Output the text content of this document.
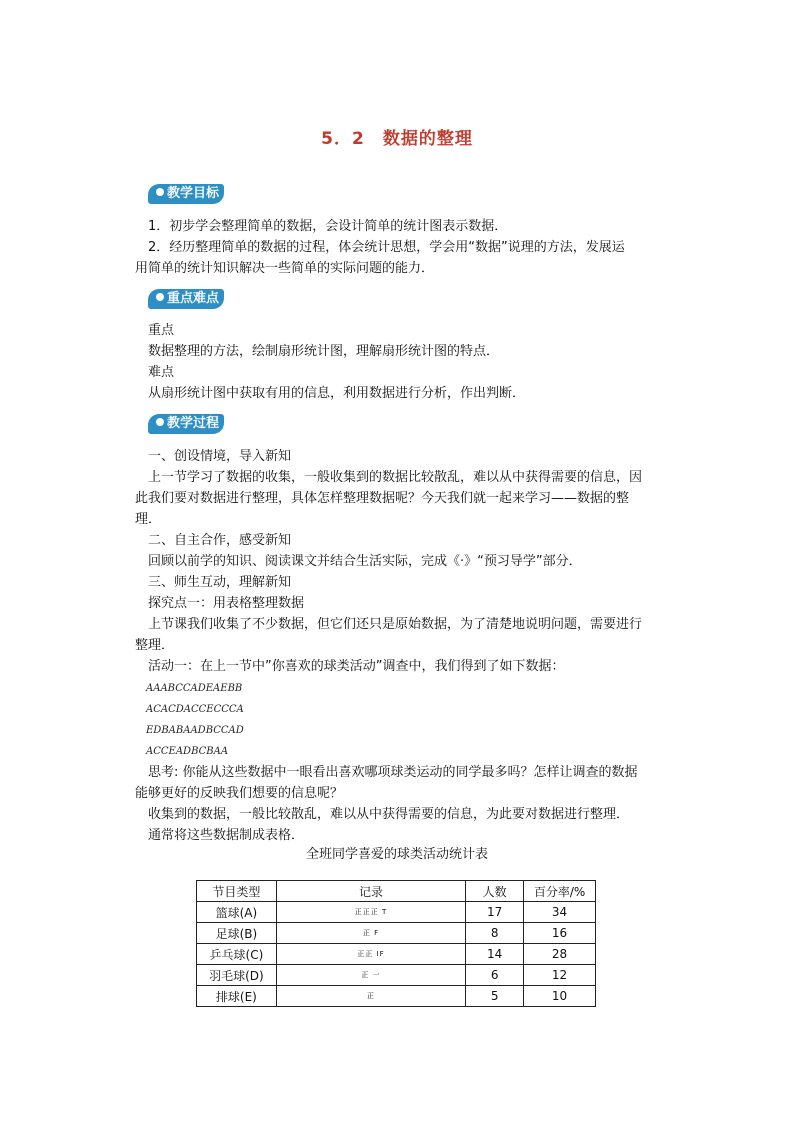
5．2　数据的整理
教学目标
1．初步学会整理简单的数据，会设计简单的统计图表示数据．
2．经历整理简单的数据的过程，体会统计思想，学会用“数据”说理的方法，发展运
用简单的统计知识解决一些简单的实际问题的能力．
重点难点
重点
数据整理的方法，绘制扇形统计图，理解扇形统计图的特点．
难点
从扇形统计图中获取有用的信息，利用数据进行分析，作出判断．
教学过程
一、创设情境，导入新知
上一节学习了数据的收集，一般收集到的数据比较散乱，难以从中获得需要的信息，因
此我们要对数据进行整理，具体怎样整理数据呢？今天我们就一起来学习——数据的整
理．
二、自主合作，感受新知
回顾以前学的知识、阅读课文并结合生活实际，完成《·》“预习导学”部分．
三、师生互动，理解新知
探究点一：用表格整理数据
上节课我们收集了不少数据，但它们还只是原始数据，为了清楚地说明问题，需要进行
整理．
活动一：在上一节中”你喜欢的球类活动”调查中，我们得到了如下数据：
AAABCCADEAEBB
ACACDACCECCCA
EDBABAADBCCAD
ACCEADBCBAA
思考: 你能从这些数据中一眼看出喜欢哪项球类运动的同学最多吗？怎样让调查的数据
能够更好的反映我们想要的信息呢？
收集到的数据，一般比较散乱，难以从中获得需要的信息，为此要对数据进行整理．
通常将这些数据制成表格．
全班同学喜爱的球类活动统计表
节目类型	记录	人数	百分率/%
篮球(A)	正正正 T	17	34
足球(B)	正 F	8	16
乒乓球(C)	正正 IF	14	28
羽毛球(D)	正 一	6	12
排球(E)	正	5	10
